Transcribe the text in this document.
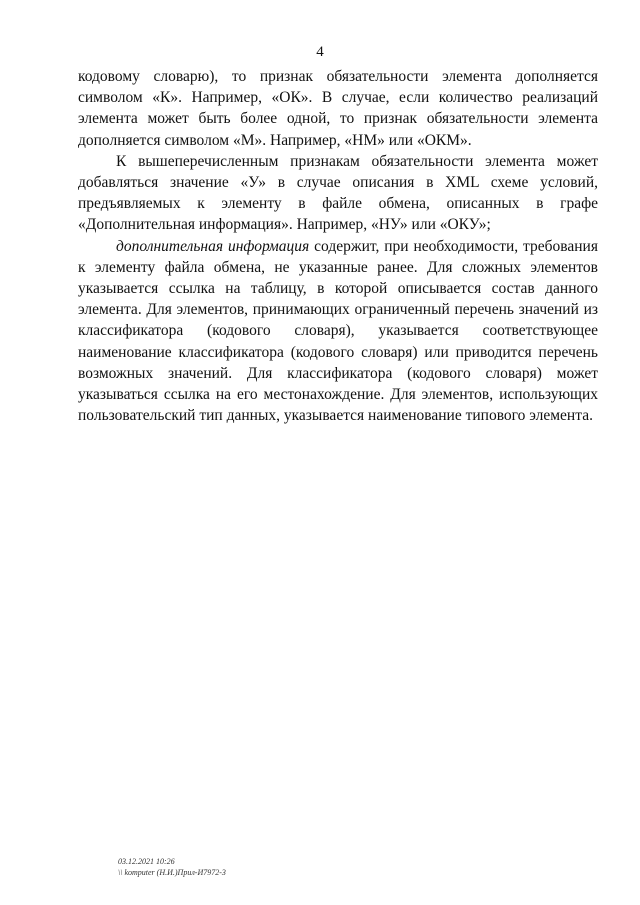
4

кодовому словарю), то признак обязательности элемента дополняется символом «К». Например, «ОК». В случае, если количество реализаций элемента может быть более одной, то признак обязательности элемента дополняется символом «М». Например, «НМ» или «ОКМ».

К вышеперечисленным признакам обязательности элемента может добавляться значение «У» в случае описания в XML схеме условий, предъявляемых к элементу в файле обмена, описанных в графе «Дополнительная информация». Например, «НУ» или «ОКУ»;

дополнительная информация содержит, при необходимости, требования к элементу файла обмена, не указанные ранее. Для сложных элементов указывается ссылка на таблицу, в которой описывается состав данного элемента. Для элементов, принимающих ограниченный перечень значений из классификатора (кодового словаря), указывается соответствующее наименование классификатора (кодового словаря) или приводится перечень возможных значений. Для классификатора (кодового словаря) может указываться ссылка на его местонахождение. Для элементов, использующих пользовательский тип данных, указывается наименование типового элемента.

03.12.2021 10:26
\\ komputer (Н.И.)Прил-И7972-3
